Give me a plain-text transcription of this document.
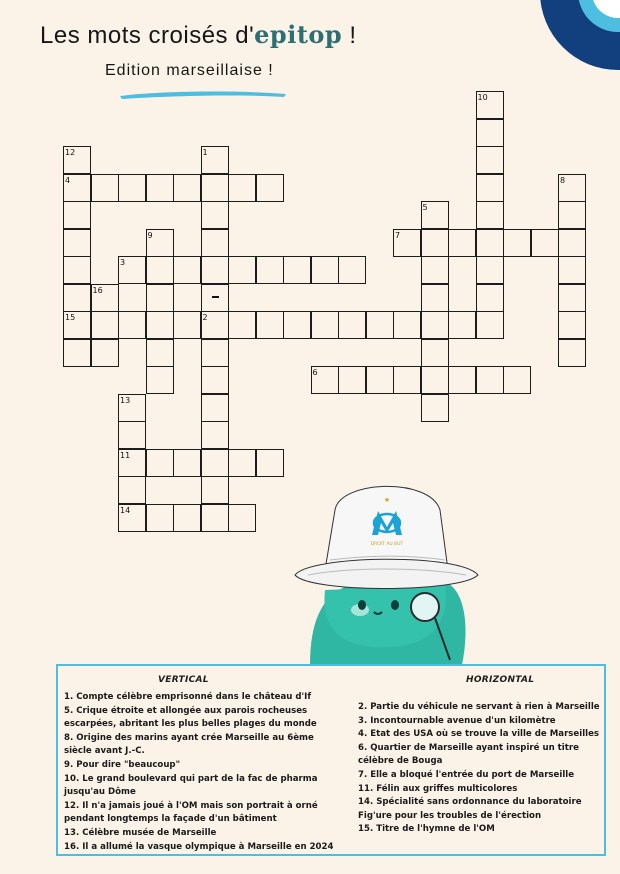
Les mots croisés d'epitop !
Edition marseillaise !
10
12	1
4	8
5
9	7
3
16
15	2
6
13
11
14
★
DROIT AU BUT
VERTICAL	HORIZONTAL
1. Compte célèbre emprisonné dans le château d'If
5. Crique étroite et allongée aux parois rocheuses escarpées, abritant les plus belles plages du monde
8. Origine des marins ayant crée Marseille au 6ème siècle avant J.-C.
9. Pour dire "beaucoup"
10. Le grand boulevard qui part de la fac de pharma jusqu'au Dôme
12. Il n'a jamais joué à l'OM mais son portrait à orné pendant longtemps la façade d'un bâtiment
13. Célèbre musée de Marseille
16. Il a allumé la vasque olympique à Marseille en 2024
2. Partie du véhicule ne servant à rien à Marseille
3. Incontournable avenue d'un kilomètre
4. Etat des USA où se trouve la ville de Marseilles
6. Quartier de Marseille ayant inspiré un titre célèbre de Bouga
7. Elle a bloqué l'entrée du port de Marseille
11. Félin aux griffes multicolores
14. Spécialité sans ordonnance du laboratoire Fig'ure pour les troubles de l'érection
15. Titre de l'hymne de l'OM
